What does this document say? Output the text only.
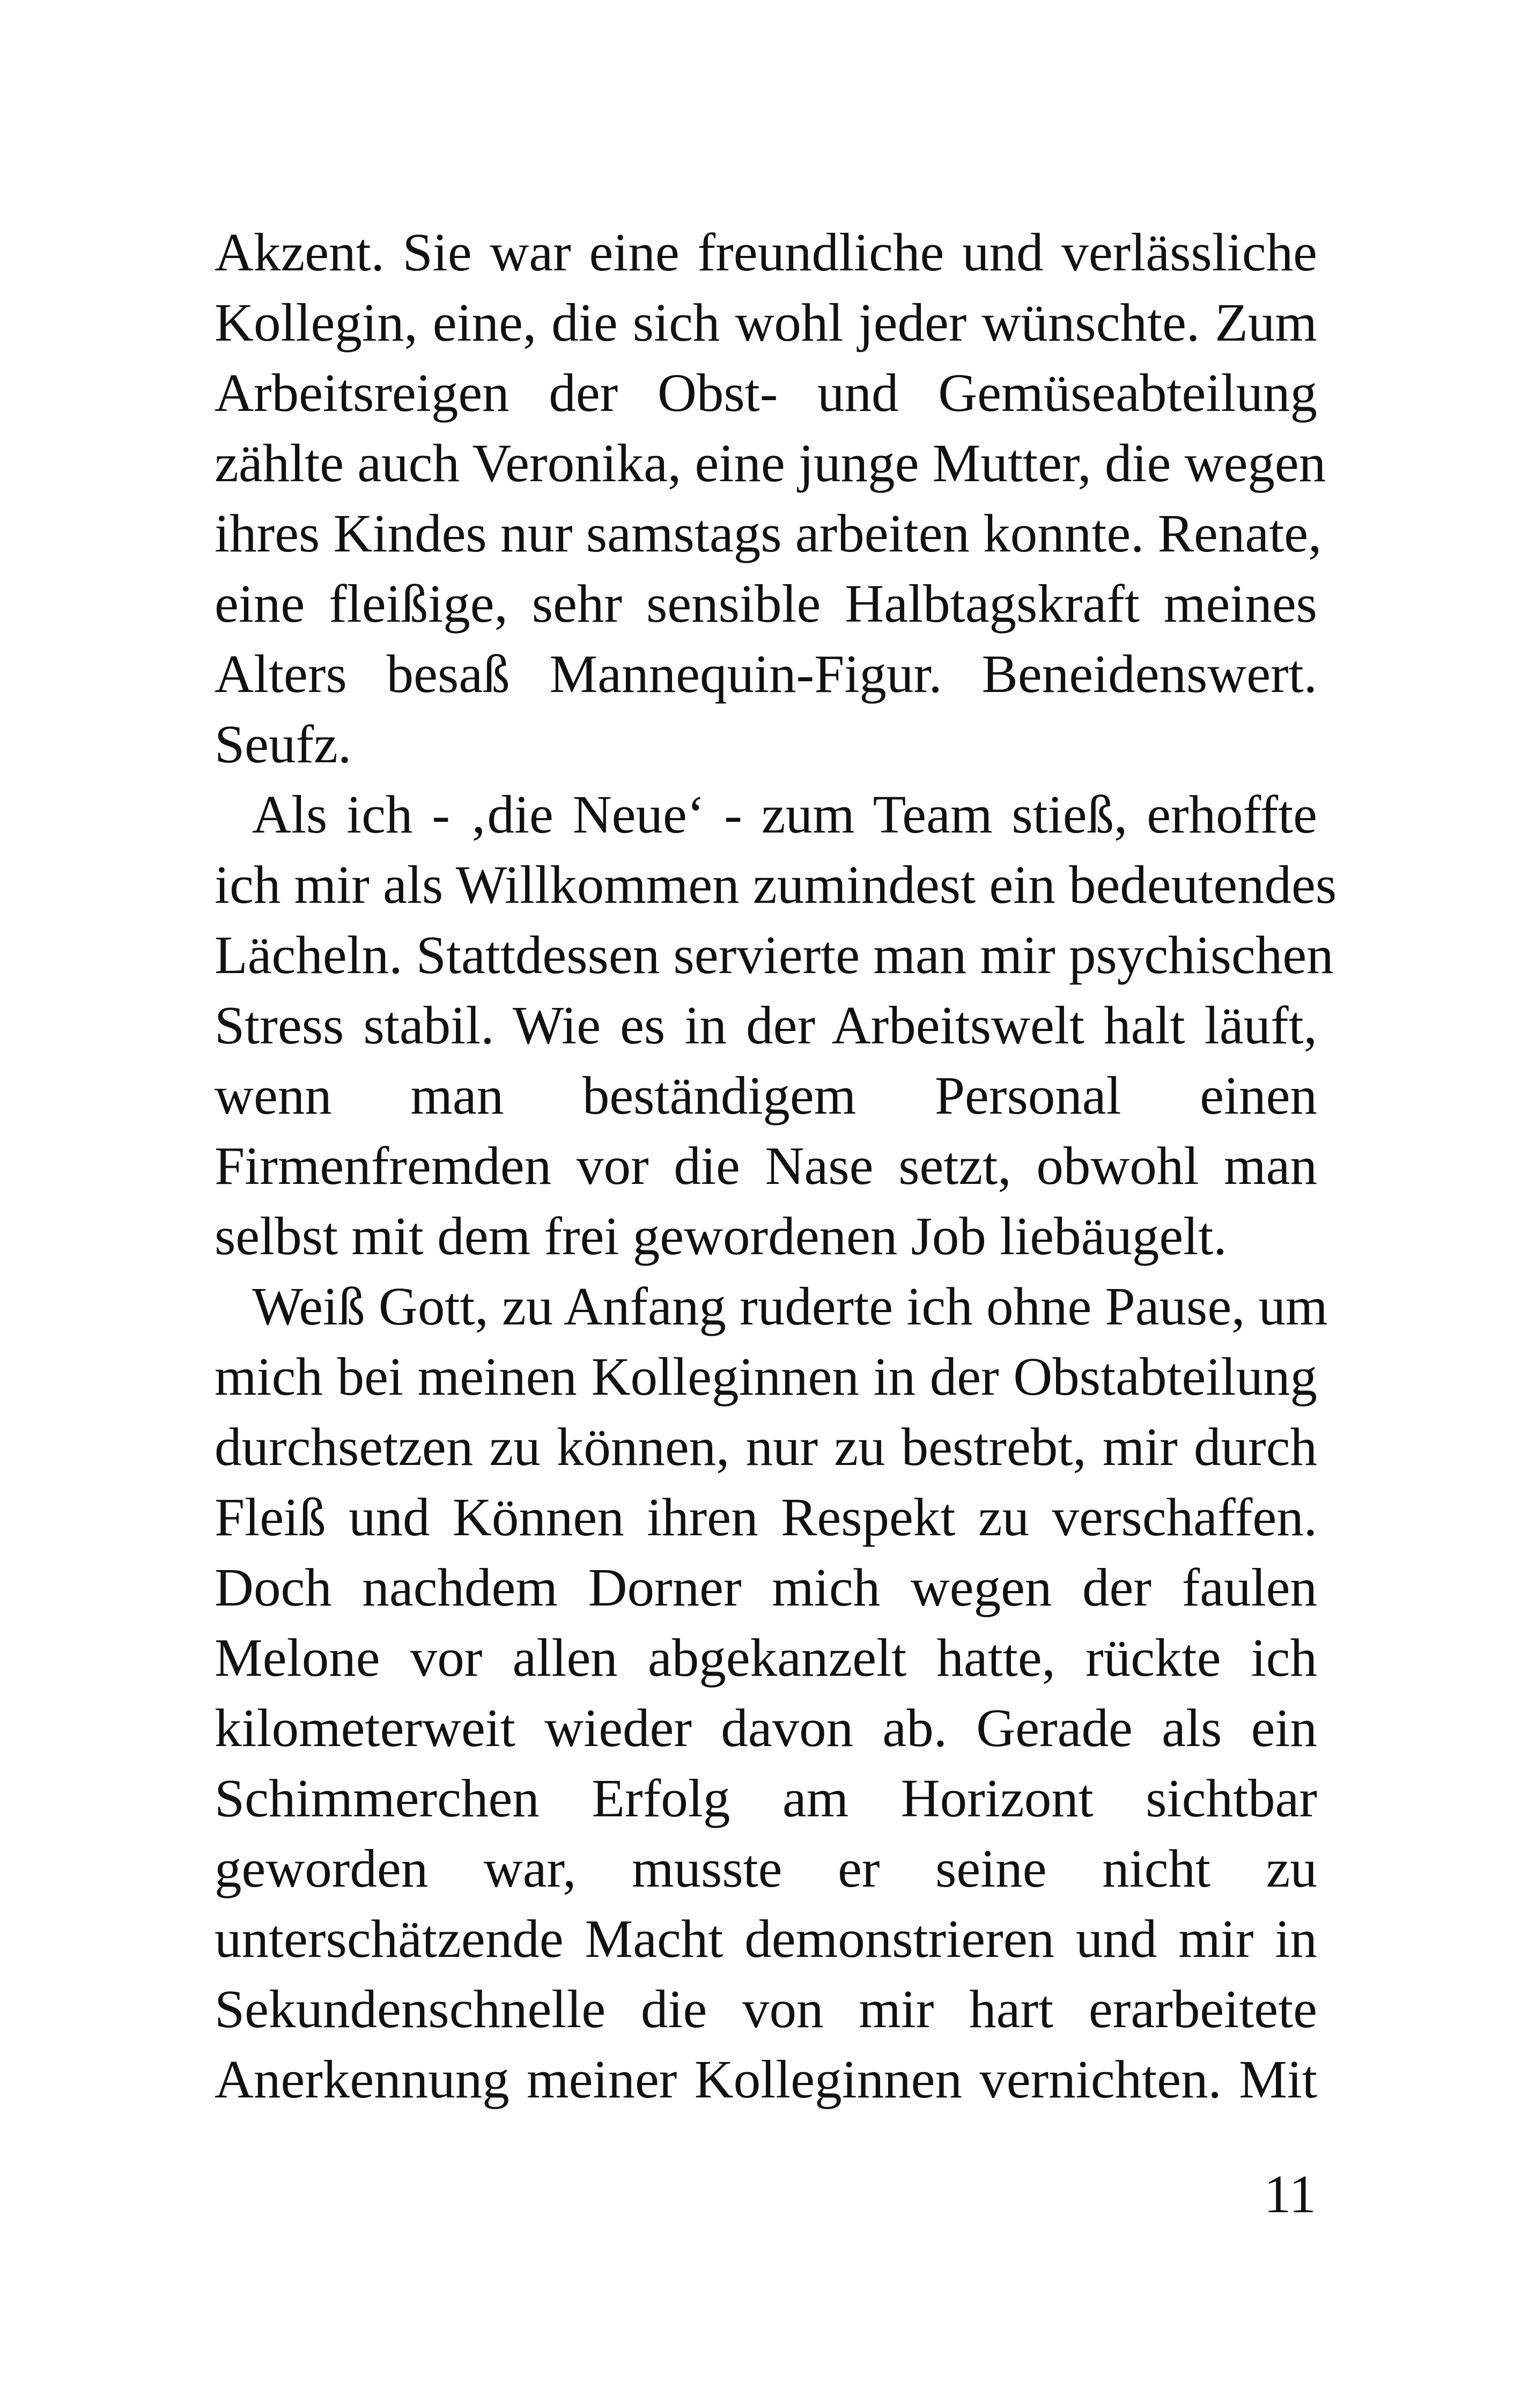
Akzent. Sie war eine freundliche und verlässliche
Kollegin, eine, die sich wohl jeder wünschte. Zum
Arbeitsreigen der Obst- und Gemüseabteilung
zählte auch Veronika, eine junge Mutter, die wegen
ihres Kindes nur samstags arbeiten konnte. Renate,
eine fleißige, sehr sensible Halbtagskraft meines
Alters besaß Mannequin-Figur. Beneidenswert.
Seufz.
Als ich - ‚die Neue‘ - zum Team stieß, erhoffte
ich mir als Willkommen zumindest ein bedeutendes
Lächeln. Stattdessen servierte man mir psychischen
Stress stabil. Wie es in der Arbeitswelt halt läuft,
wenn man beständigem Personal einen
Firmenfremden vor die Nase setzt, obwohl man
selbst mit dem frei gewordenen Job liebäugelt.
Weiß Gott, zu Anfang ruderte ich ohne Pause, um
mich bei meinen Kolleginnen in der Obstabteilung
durchsetzen zu können, nur zu bestrebt, mir durch
Fleiß und Können ihren Respekt zu verschaffen.
Doch nachdem Dorner mich wegen der faulen
Melone vor allen abgekanzelt hatte, rückte ich
kilometerweit wieder davon ab. Gerade als ein
Schimmerchen Erfolg am Horizont sichtbar
geworden war, musste er seine nicht zu
unterschätzende Macht demonstrieren und mir in
Sekundenschnelle die von mir hart erarbeitete
Anerkennung meiner Kolleginnen vernichten. Mit
11
